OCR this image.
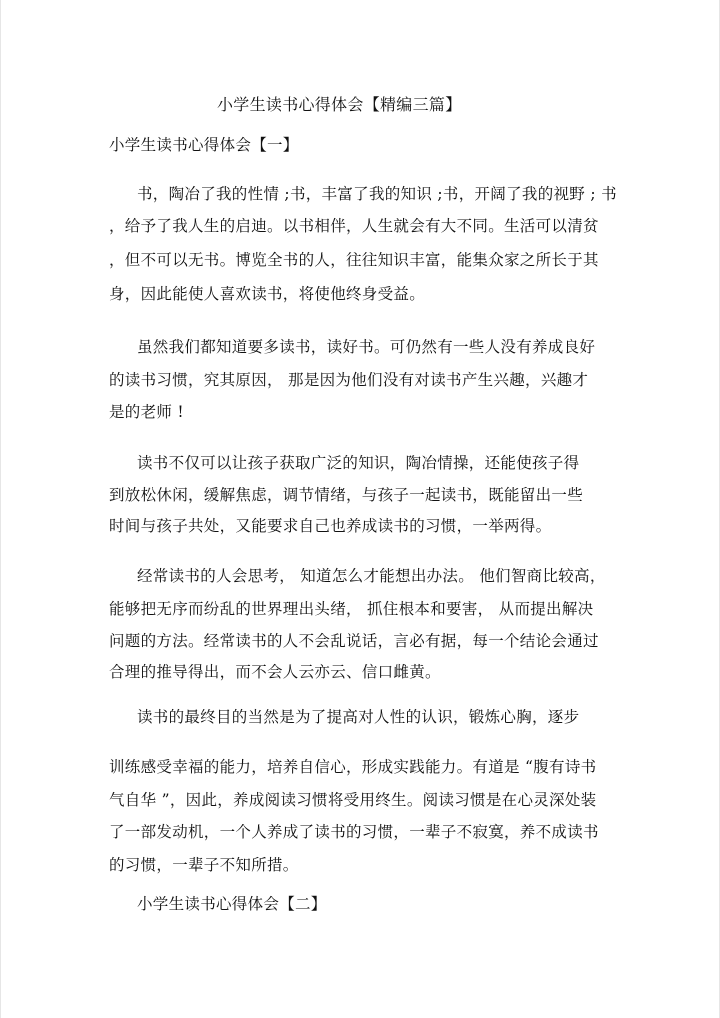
小学生读书心得体会【精编三篇】
小学生读书心得体会【一】
书，陶冶了我的性情 ;书，丰富了我的知识 ;书，开阔了我的视野 ; 书
，给予了我人生的启迪。以书相伴，人生就会有大不同。生活可以清贫
，但不可以无书。博览全书的人，往往知识丰富，能集众家之所长于其
身，因此能使人喜欢读书，将使他终身受益。
虽然我们都知道要多读书，读好书。可仍然有一些人没有养成良好
的读书习惯，究其原因， 那是因为他们没有对读书产生兴趣，兴趣才
是的老师 !
读书不仅可以让孩子获取广泛的知识，陶冶情操，还能使孩子得
到放松休闲，缓解焦虑，调节情绪，与孩子一起读书，既能留出一些
时间与孩子共处，又能要求自己也养成读书的习惯，一举两得。
经常读书的人会思考， 知道怎么才能想出办法。 他们智商比较高，
能够把无序而纷乱的世界理出头绪， 抓住根本和要害， 从而提出解决
问题的方法。经常读书的人不会乱说话，言必有据，每一个结论会通过
合理的推导得出，而不会人云亦云、信口雌黄。
读书的最终目的当然是为了提高对人性的认识，锻炼心胸，逐步
训练感受幸福的能力，培养自信心，形成实践能力。有道是 “腹有诗书
气自华 ”，因此，养成阅读习惯将受用终生。阅读习惯是在心灵深处装
了一部发动机，一个人养成了读书的习惯，一辈子不寂寞，养不成读书
的习惯，一辈子不知所措。
小学生读书心得体会【二】
